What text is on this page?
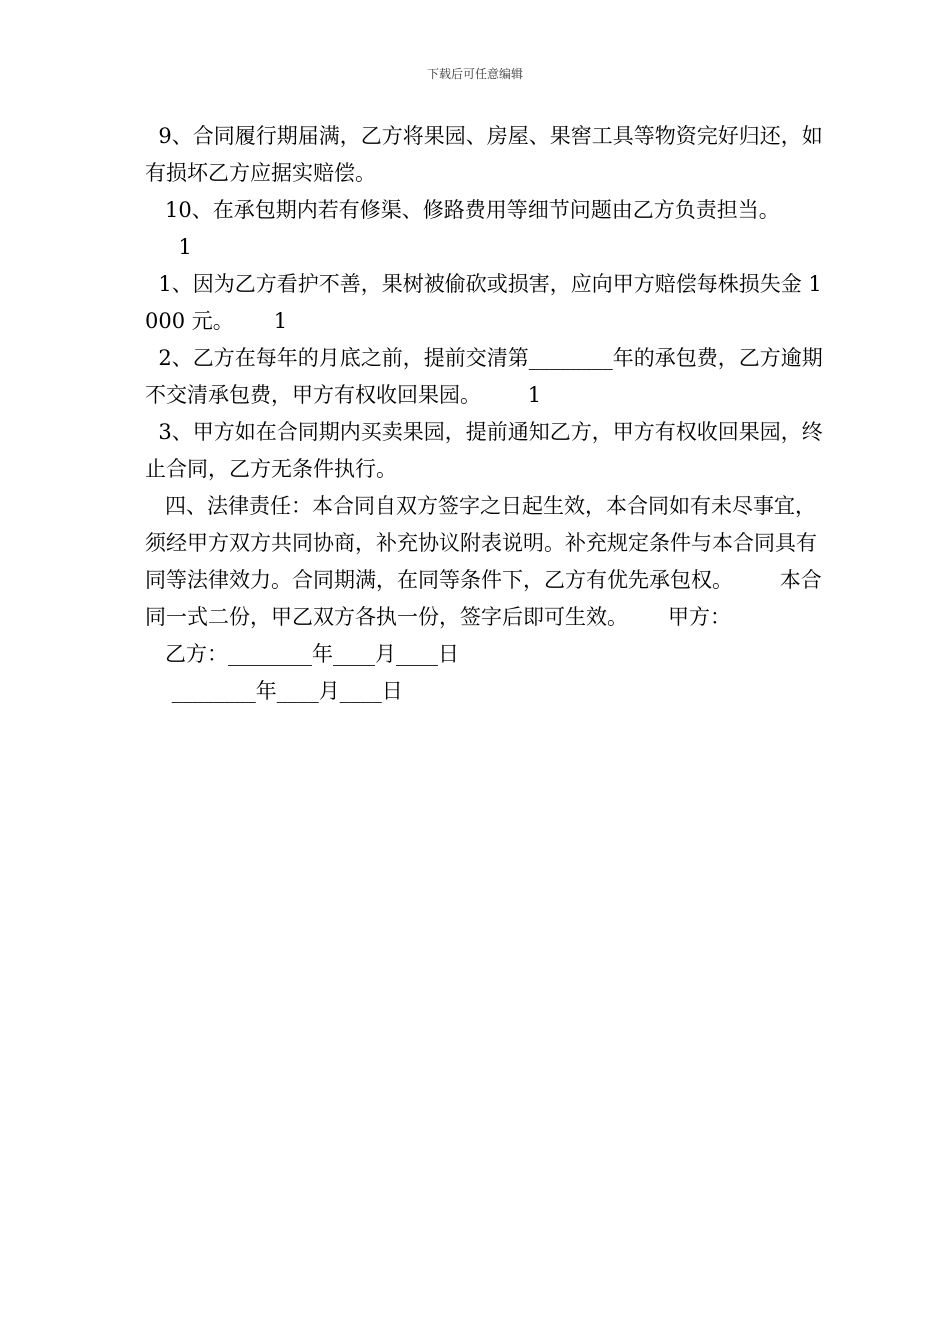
下载后可任意编辑

9、合同履行期届满，乙方将果园、房屋、果窖工具等物资完好归还，如有损坏乙方应据实赔偿。

10、在承包期内若有修渠、修路费用等细节问题由乙方负责担当。

1

1、因为乙方看护不善，果树被偷砍或损害，应向甲方赔偿每株损失金 1000 元。      1

2、乙方在每年的月底之前，提前交清第________年的承包费，乙方逾期不交清承包费，甲方有权收回果园。       1

3、甲方如在合同期内买卖果园，提前通知乙方，甲方有权收回果园，终止合同，乙方无条件执行。

四、法律责任：本合同自双方签字之日起生效，本合同如有未尽事宜，须经甲方双方共同协商，补充协议附表说明。补充规定条件与本合同具有同等法律效力。合同期满，在同等条件下，乙方有优先承包权。       本合同一式二份，甲乙双方各执一份，签字后即可生效。      甲方：

乙方：________年____月____日

________年____月____日
